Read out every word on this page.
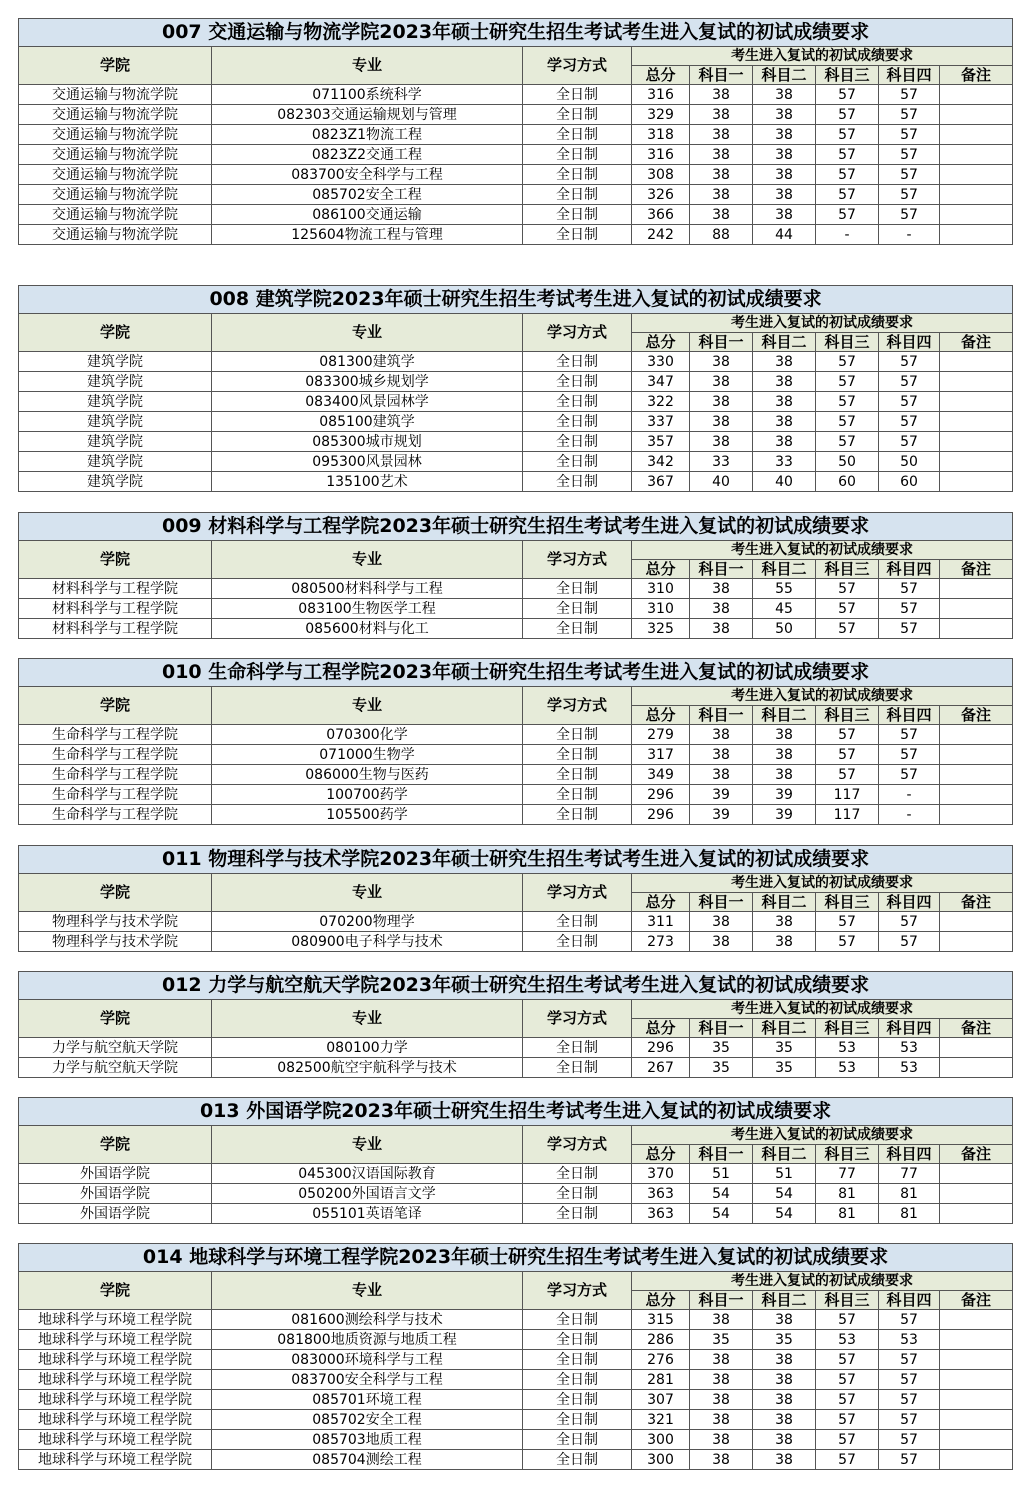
007 交通运输与物流学院2023年硕士研究生招生考试考生进入复试的初试成绩要求								
学院	专业	学习方式	考生进入复试的初试成绩要求					
			总分	科目一	科目二	科目三	科目四	备注
交通运输与物流学院	071100系统科学	全日制	316	38	38	57	57	
交通运输与物流学院	082303交通运输规划与管理	全日制	329	38	38	57	57	
交通运输与物流学院	0823Z1物流工程	全日制	318	38	38	57	57	
交通运输与物流学院	0823Z2交通工程	全日制	316	38	38	57	57	
交通运输与物流学院	083700安全科学与工程	全日制	308	38	38	57	57	
交通运输与物流学院	085702安全工程	全日制	326	38	38	57	57	
交通运输与物流学院	086100交通运输	全日制	366	38	38	57	57	
交通运输与物流学院	125604物流工程与管理	全日制	242	88	44	-	-	
008 建筑学院2023年硕士研究生招生考试考生进入复试的初试成绩要求								
学院	专业	学习方式	考生进入复试的初试成绩要求					
			总分	科目一	科目二	科目三	科目四	备注
建筑学院	081300建筑学	全日制	330	38	38	57	57	
建筑学院	083300城乡规划学	全日制	347	38	38	57	57	
建筑学院	083400风景园林学	全日制	322	38	38	57	57	
建筑学院	085100建筑学	全日制	337	38	38	57	57	
建筑学院	085300城市规划	全日制	357	38	38	57	57	
建筑学院	095300风景园林	全日制	342	33	33	50	50	
建筑学院	135100艺术	全日制	367	40	40	60	60	
009 材料科学与工程学院2023年硕士研究生招生考试考生进入复试的初试成绩要求								
学院	专业	学习方式	考生进入复试的初试成绩要求					
			总分	科目一	科目二	科目三	科目四	备注
材料科学与工程学院	080500材料科学与工程	全日制	310	38	55	57	57	
材料科学与工程学院	083100生物医学工程	全日制	310	38	45	57	57	
材料科学与工程学院	085600材料与化工	全日制	325	38	50	57	57	
010 生命科学与工程学院2023年硕士研究生招生考试考生进入复试的初试成绩要求								
学院	专业	学习方式	考生进入复试的初试成绩要求					
			总分	科目一	科目二	科目三	科目四	备注
生命科学与工程学院	070300化学	全日制	279	38	38	57	57	
生命科学与工程学院	071000生物学	全日制	317	38	38	57	57	
生命科学与工程学院	086000生物与医药	全日制	349	38	38	57	57	
生命科学与工程学院	100700药学	全日制	296	39	39	117	-	
生命科学与工程学院	105500药学	全日制	296	39	39	117	-	
011 物理科学与技术学院2023年硕士研究生招生考试考生进入复试的初试成绩要求								
学院	专业	学习方式	考生进入复试的初试成绩要求					
			总分	科目一	科目二	科目三	科目四	备注
物理科学与技术学院	070200物理学	全日制	311	38	38	57	57	
物理科学与技术学院	080900电子科学与技术	全日制	273	38	38	57	57	
012 力学与航空航天学院2023年硕士研究生招生考试考生进入复试的初试成绩要求								
学院	专业	学习方式	考生进入复试的初试成绩要求					
			总分	科目一	科目二	科目三	科目四	备注
力学与航空航天学院	080100力学	全日制	296	35	35	53	53	
力学与航空航天学院	082500航空宇航科学与技术	全日制	267	35	35	53	53	
013 外国语学院2023年硕士研究生招生考试考生进入复试的初试成绩要求								
学院	专业	学习方式	考生进入复试的初试成绩要求					
			总分	科目一	科目二	科目三	科目四	备注
外国语学院	045300汉语国际教育	全日制	370	51	51	77	77	
外国语学院	050200外国语言文学	全日制	363	54	54	81	81	
外国语学院	055101英语笔译	全日制	363	54	54	81	81	
014 地球科学与环境工程学院2023年硕士研究生招生考试考生进入复试的初试成绩要求								
学院	专业	学习方式	考生进入复试的初试成绩要求					
			总分	科目一	科目二	科目三	科目四	备注
地球科学与环境工程学院	081600测绘科学与技术	全日制	315	38	38	57	57	
地球科学与环境工程学院	081800地质资源与地质工程	全日制	286	35	35	53	53	
地球科学与环境工程学院	083000环境科学与工程	全日制	276	38	38	57	57	
地球科学与环境工程学院	083700安全科学与工程	全日制	281	38	38	57	57	
地球科学与环境工程学院	085701环境工程	全日制	307	38	38	57	57	
地球科学与环境工程学院	085702安全工程	全日制	321	38	38	57	57	
地球科学与环境工程学院	085703地质工程	全日制	300	38	38	57	57	
地球科学与环境工程学院	085704测绘工程	全日制	300	38	38	57	57	
